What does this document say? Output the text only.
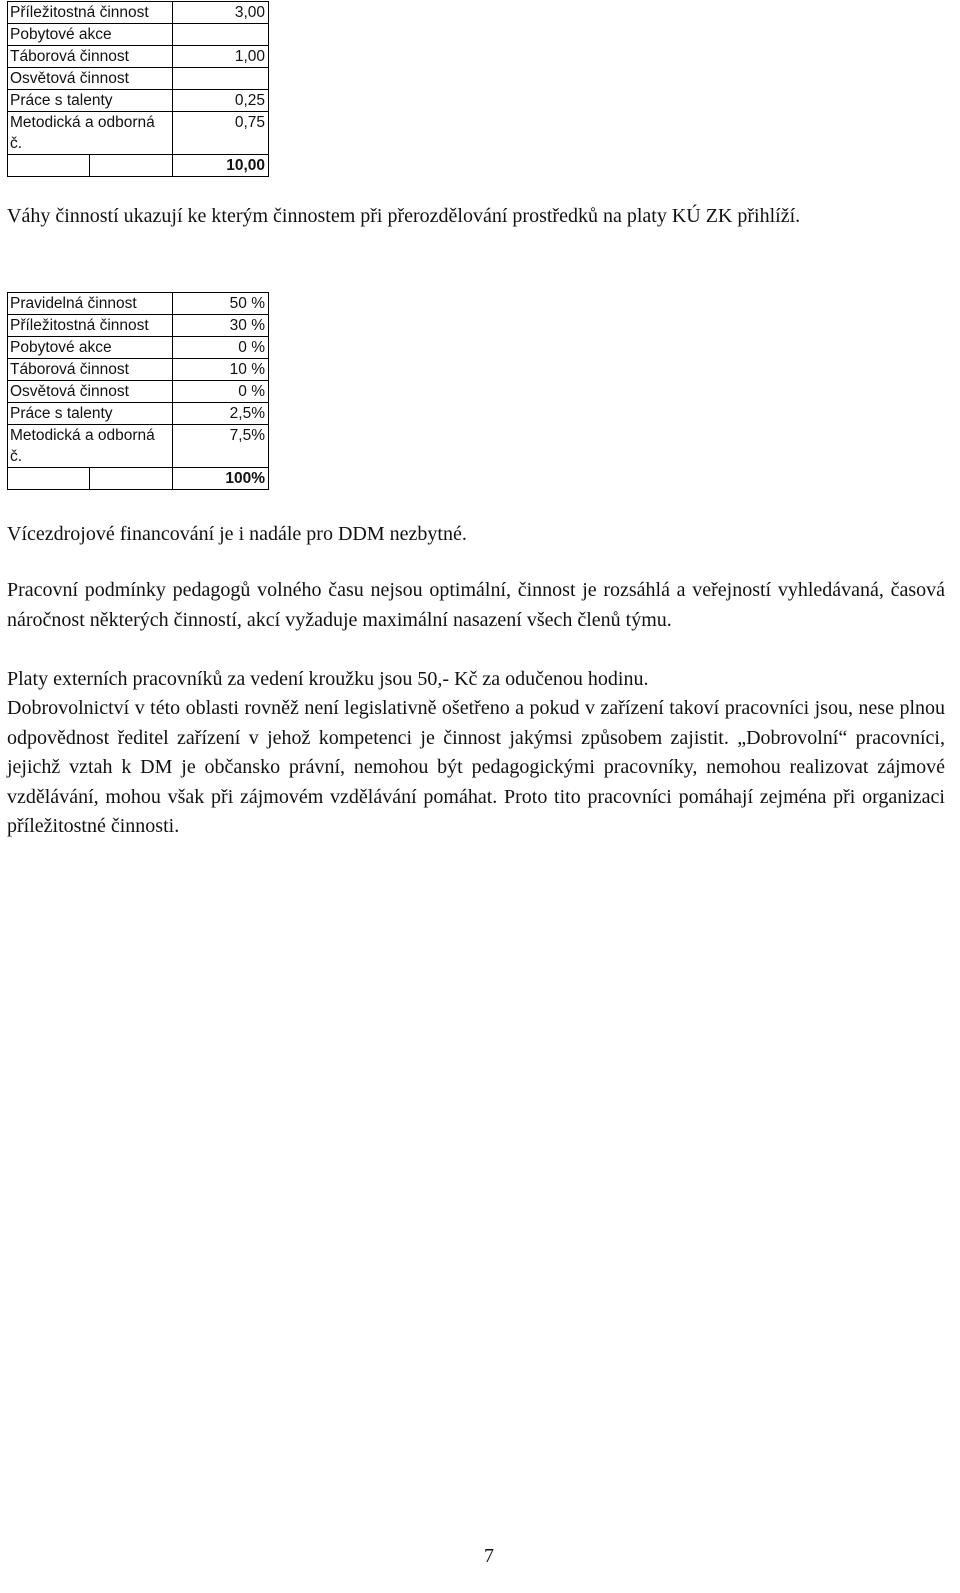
Příležitostná činnost		3,00
Pobytové akce		
Táborová činnost		1,00
Osvětová činnost		
Práce s talenty		0,25
Metodická a odborná č.		0,75
		10,00
Váhy činností ukazují ke kterým činnostem při přerozdělování prostředků na platy KÚ ZK přihlíží.
Pravidelná činnost		50 %
Příležitostná činnost		30 %
Pobytové akce		0 %
Táborová činnost		10 %
Osvětová činnost		0 %
Práce s talenty		2,5%
Metodická a odborná č.		7,5%
		100%
Vícezdrojové financování je i nadále pro DDM nezbytné.
Pracovní podmínky pedagogů volného času nejsou optimální, činnost je rozsáhlá a veřejností vyhledávaná, časová náročnost některých činností, akcí vyžaduje maximální nasazení všech členů týmu.
Platy externích pracovníků za vedení kroužku jsou 50,- Kč za odučenou hodinu.
Dobrovolnictví v této oblasti rovněž není legislativně ošetřeno a pokud v zařízení takoví pracovníci jsou, nese plnou odpovědnost ředitel zařízení v jehož kompetenci je činnost jakýmsi způsobem zajistit. „Dobrovolní“ pracovníci, jejichž vztah k DM je občansko právní, nemohou být pedagogickými pracovníky, nemohou realizovat zájmové vzdělávání, mohou však při zájmovém vzdělávání pomáhat. Proto tito pracovníci pomáhají zejména při organizaci příležitostné činnosti.
7
